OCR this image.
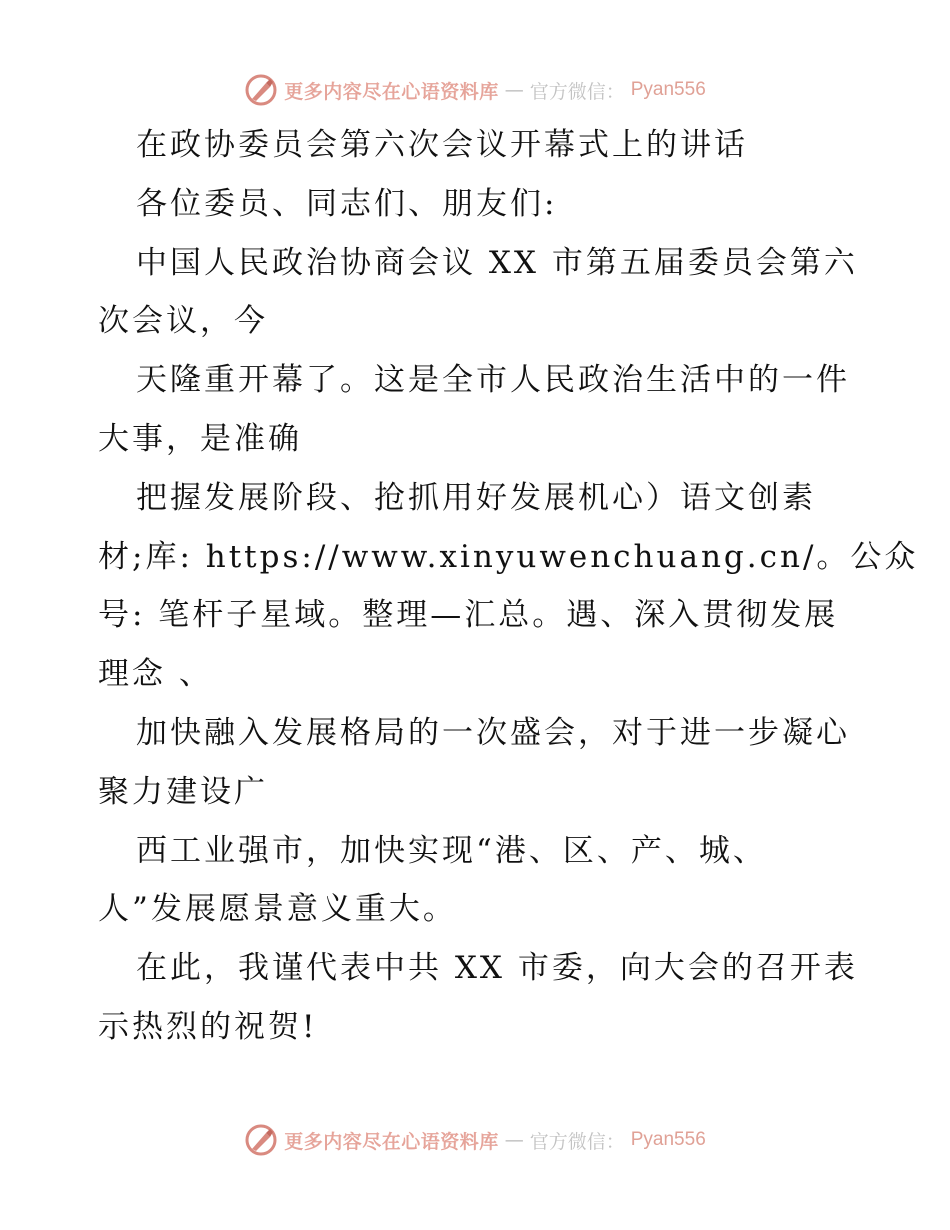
更多内容尽在心语资料库 — 官方微信： Pyan556
在政协委员会第六次会议开幕式上的讲话
各位委员、同志们、朋友们:
中国人民政治协商会议 XX 市第五届委员会第六
次会议，今
天隆重开幕了。这是全市人民政治生活中的一件
大事，是准确
把握发展阶段、抢抓用好发展机心）语文创素
材;库: https://www.xinyuwenchuang.cn/。公众
号: 笔杆子星域。整理—汇总。遇、深入贯彻发展
理念 、
加快融入发展格局的一次盛会，对于进一步凝心
聚力建设广
西工业强市，加快实现“港、区、产、城、
人”发展愿景意义重大。
在此，我谨代表中共 XX 市委，向大会的召开表
示热烈的祝贺!
更多内容尽在心语资料库 — 官方微信： Pyan556
